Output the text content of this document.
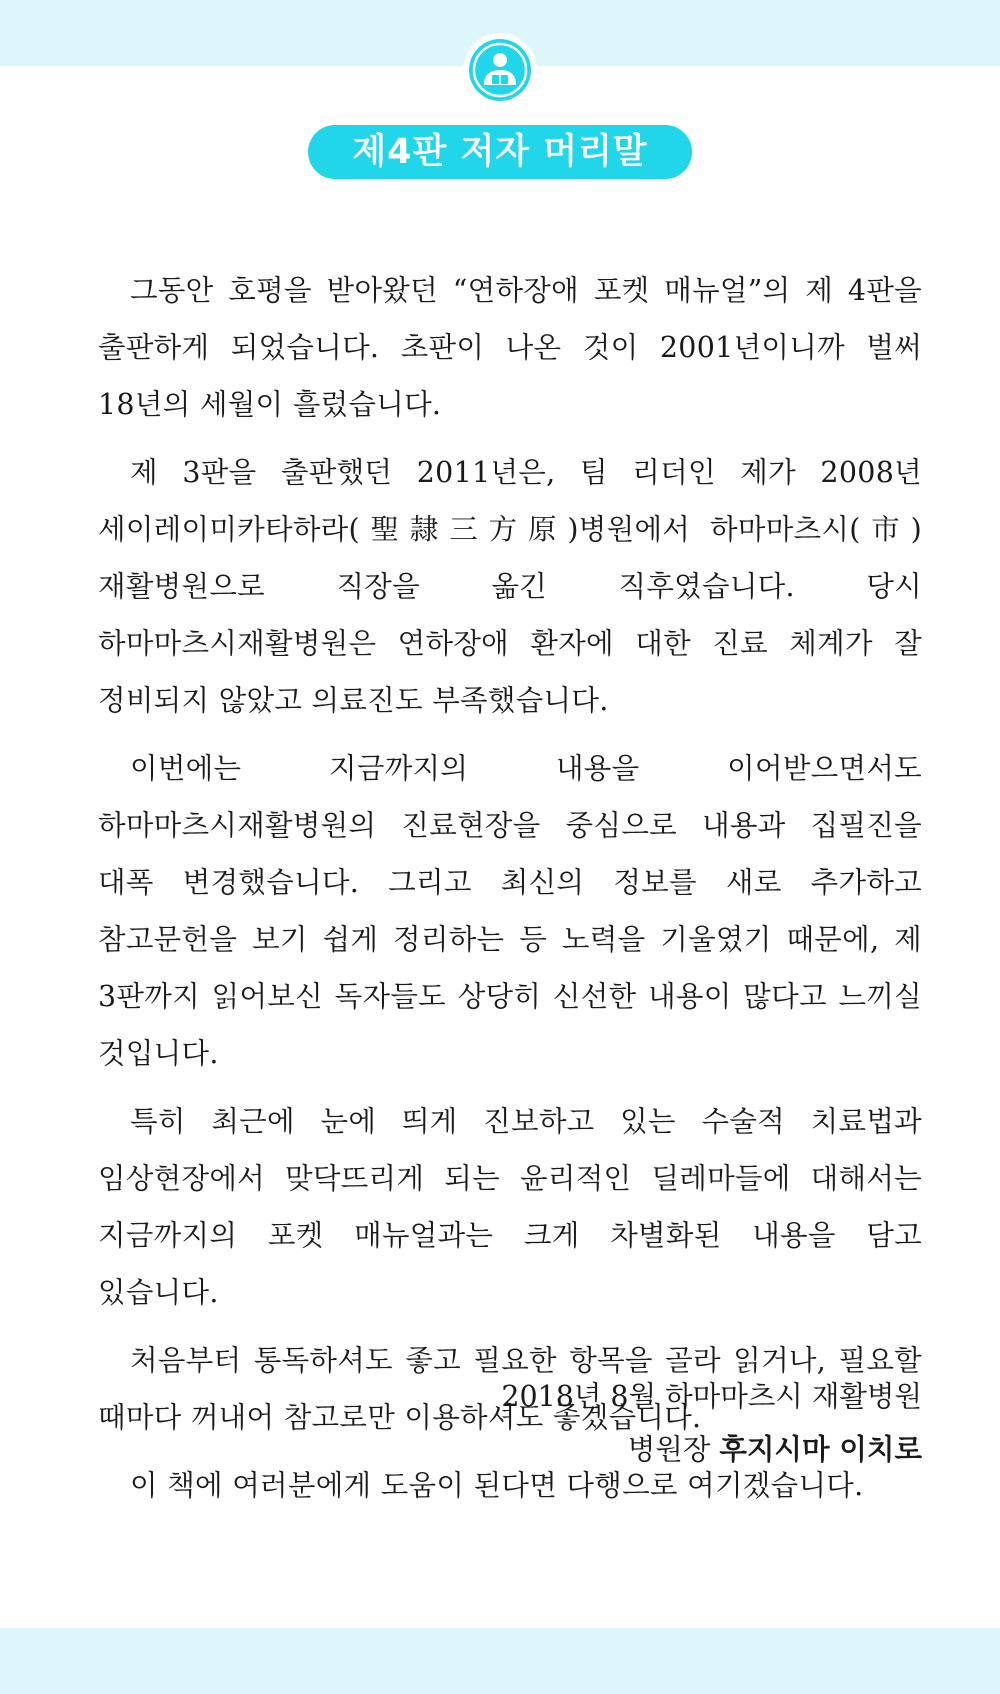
제4판 저자 머리말

그동안 호평을 받아왔던 “연하장애 포켓 매뉴얼”의 제 4판을 출판하게 되었습니다. 초판이 나온 것이 2001년이니까 벌써 18년의 세월이 흘렀습니다.

제 3판을 출판했던 2011년은, 팀 리더인 제가 2008년 세이레이미카타하라(聖隷三方原)병원에서 하마마츠시(市)재활병원으로 직장을 옮긴 직후였습니다. 당시 하마마츠시재활병원은 연하장애 환자에 대한 진료 체계가 잘 정비되지 않았고 의료진도 부족했습니다.

이번에는 지금까지의 내용을 이어받으면서도 하마마츠시재활병원의 진료현장을 중심으로 내용과 집필진을 대폭 변경했습니다. 그리고 최신의 정보를 새로 추가하고 참고문헌을 보기 쉽게 정리하는 등 노력을 기울였기 때문에, 제 3판까지 읽어보신 독자들도 상당히 신선한 내용이 많다고 느끼실 것입니다.

특히 최근에 눈에 띄게 진보하고 있는 수술적 치료법과 임상현장에서 맞닥뜨리게 되는 윤리적인 딜레마들에 대해서는 지금까지의 포켓 매뉴얼과는 크게 차별화된 내용을 담고 있습니다.

처음부터 통독하셔도 좋고 필요한 항목을 골라 읽거나, 필요할 때마다 꺼내어 참고로만 이용하셔도 좋겠습니다.

이 책에 여러분에게 도움이 된다면 다행으로 여기겠습니다.

2018년 8월 하마마츠시 재활병원
병원장 후지시마 이치로
